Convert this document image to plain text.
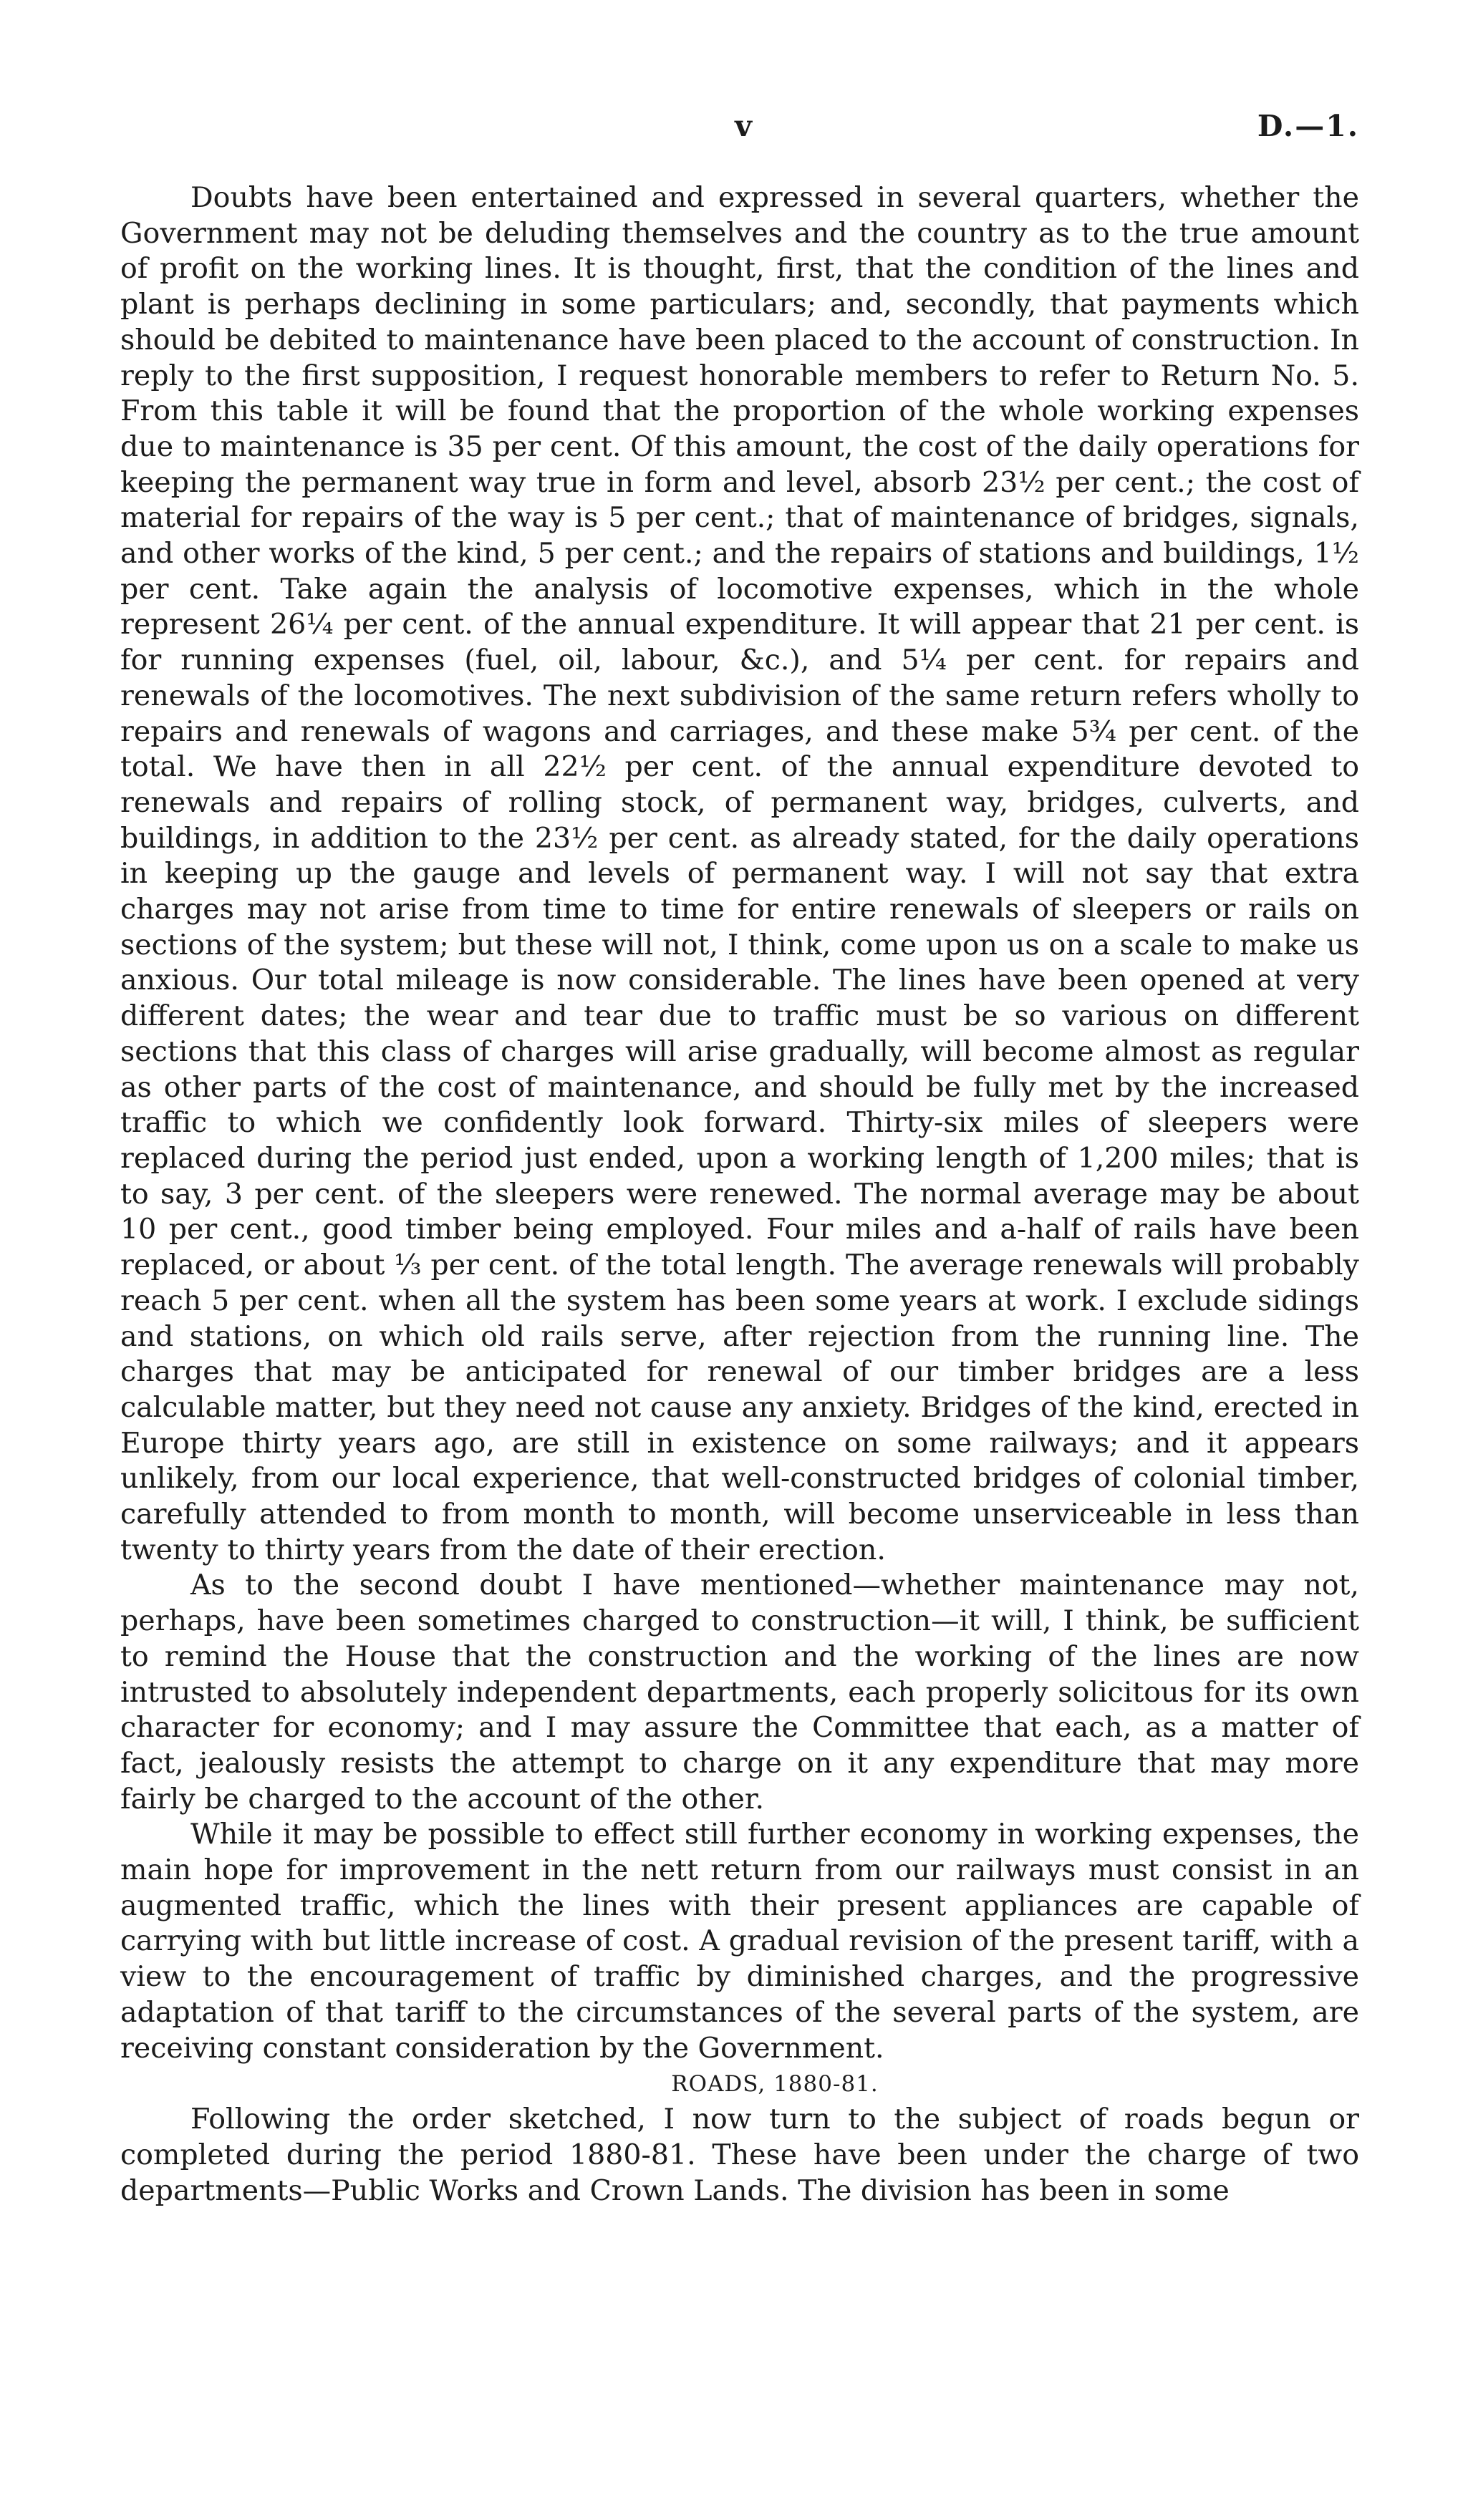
v	D.—1.

Doubts have been entertained and expressed in several quarters, whether the Government may not be deluding themselves and the country as to the true amount of profit on the working lines. It is thought, first, that the condition of the lines and plant is perhaps declining in some particulars; and, secondly, that payments which should be debited to maintenance have been placed to the account of construction. In reply to the first supposition, I request honorable members to refer to Return No. 5. From this table it will be found that the proportion of the whole working expenses due to maintenance is 35 per cent. Of this amount, the cost of the daily operations for keeping the permanent way true in form and level, absorb 23½ per cent.; the cost of material for repairs of the way is 5 per cent.; that of maintenance of bridges, signals, and other works of the kind, 5 per cent.; and the repairs of stations and buildings, 1½ per cent. Take again the analysis of locomotive expenses, which in the whole represent 26¼ per cent. of the annual expenditure. It will appear that 21 per cent. is for running expenses (fuel, oil, labour, &c.), and 5¼ per cent. for repairs and renewals of the locomotives. The next subdivision of the same return refers wholly to repairs and renewals of wagons and carriages, and these make 5¾ per cent. of the total. We have then in all 22½ per cent. of the annual expenditure devoted to renewals and repairs of rolling stock, of permanent way, bridges, culverts, and buildings, in addition to the 23½ per cent. as already stated, for the daily operations in keeping up the gauge and levels of permanent way. I will not say that extra charges may not arise from time to time for entire renewals of sleepers or rails on sections of the system; but these will not, I think, come upon us on a scale to make us anxious. Our total mileage is now considerable. The lines have been opened at very different dates; the wear and tear due to traffic must be so various on different sections that this class of charges will arise gradually, will become almost as regular as other parts of the cost of maintenance, and should be fully met by the increased traffic to which we confidently look forward. Thirty-six miles of sleepers were replaced during the period just ended, upon a working length of 1,200 miles; that is to say, 3 per cent. of the sleepers were renewed. The normal average may be about 10 per cent., good timber being employed. Four miles and a-half of rails have been replaced, or about ⅓ per cent. of the total length. The average renewals will probably reach 5 per cent. when all the system has been some years at work. I exclude sidings and stations, on which old rails serve, after rejection from the running line. The charges that may be anticipated for renewal of our timber bridges are a less calculable matter, but they need not cause any anxiety. Bridges of the kind, erected in Europe thirty years ago, are still in existence on some railways; and it appears unlikely, from our local experience, that well-constructed bridges of colonial timber, carefully attended to from month to month, will become unserviceable in less than twenty to thirty years from the date of their erection.

As to the second doubt I have mentioned—whether maintenance may not, perhaps, have been sometimes charged to construction—it will, I think, be sufficient to remind the House that the construction and the working of the lines are now intrusted to absolutely independent departments, each properly solicitous for its own character for economy; and I may assure the Committee that each, as a matter of fact, jealously resists the attempt to charge on it any expenditure that may more fairly be charged to the account of the other.

While it may be possible to effect still further economy in working expenses, the main hope for improvement in the nett return from our railways must consist in an augmented traffic, which the lines with their present appliances are capable of carrying with but little increase of cost. A gradual revision of the present tariff, with a view to the encouragement of traffic by diminished charges, and the progressive adaptation of that tariff to the circumstances of the several parts of the system, are receiving constant consideration by the Government.

ROADS, 1880-81.

Following the order sketched, I now turn to the subject of roads begun or completed during the period 1880-81. These have been under the charge of two departments—Public Works and Crown Lands. The division has been in some
